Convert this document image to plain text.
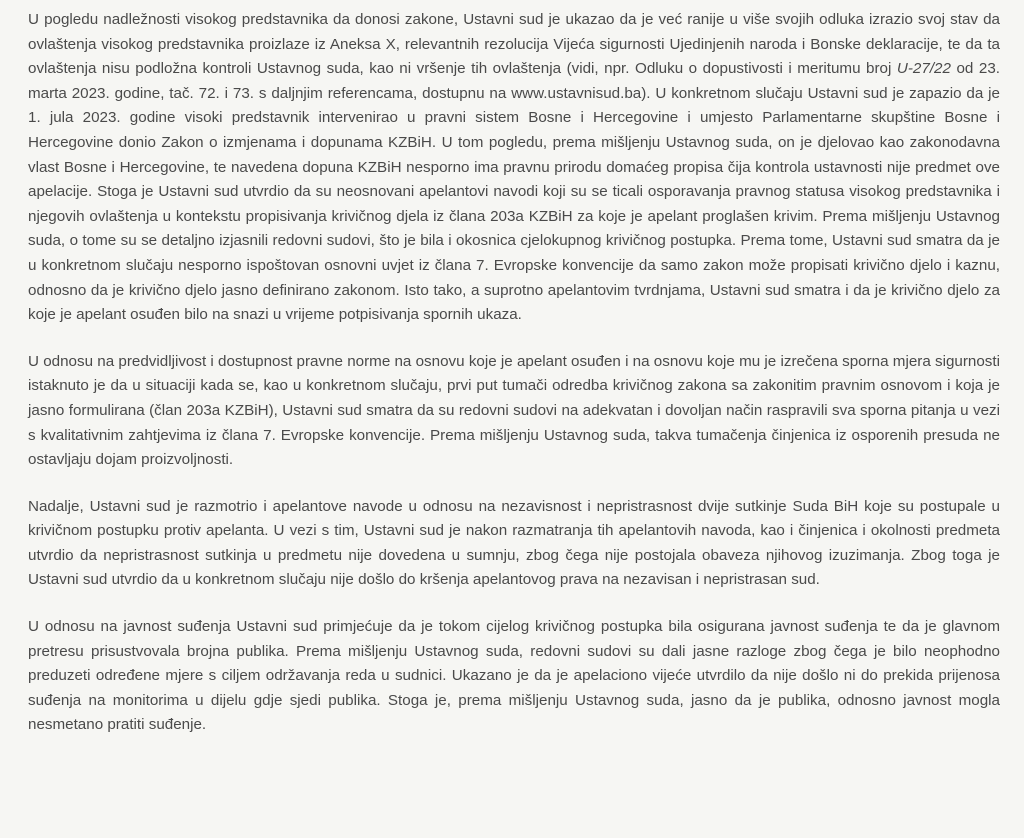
U pogledu nadležnosti visokog predstavnika da donosi zakone, Ustavni sud je ukazao da je već ranije u više svojih odluka izrazio svoj stav da ovlaštenja visokog predstavnika proizlaze iz Aneksa X, relevantnih rezolucija Vijeća sigurnosti Ujedinjenih naroda i Bonske deklaracije, te da ta ovlaštenja nisu podložna kontroli Ustavnog suda, kao ni vršenje tih ovlaštenja (vidi, npr. Odluku o dopustivosti i meritumu broj U-27/22 od 23. marta 2023. godine, tač. 72. i 73. s daljnjim referencama, dostupnu na www.ustavnisud.ba). U konkretnom slučaju Ustavni sud je zapazio da je 1. jula 2023. godine visoki predstavnik intervenirao u pravni sistem Bosne i Hercegovine i umjesto Parlamentarne skupštine Bosne i Hercegovine donio Zakon o izmjenama i dopunama KZBiH. U tom pogledu, prema mišljenju Ustavnog suda, on je djelovao kao zakonodavna vlast Bosne i Hercegovine, te navedena dopuna KZBiH nesporno ima pravnu prirodu domaćeg propisa čija kontrola ustavnosti nije predmet ove apelacije. Stoga je Ustavni sud utvrdio da su neosnovani apelantovi navodi koji su se ticali osporavanja pravnog statusa visokog predstavnika i njegovih ovlaštenja u kontekstu propisivanja krivičnog djela iz člana 203a KZBiH za koje je apelant proglašen krivim. Prema mišljenju Ustavnog suda, o tome su se detaljno izjasnili redovni sudovi, što je bila i okosnica cjelokupnog krivičnog postupka. Prema tome, Ustavni sud smatra da je u konkretnom slučaju nesporno ispoštovan osnovni uvjet iz člana 7. Evropske konvencije da samo zakon može propisati krivično djelo i kaznu, odnosno da je krivično djelo jasno definirano zakonom. Isto tako, a suprotno apelantovim tvrdnjama, Ustavni sud smatra i da je krivično djelo za koje je apelant osuđen bilo na snazi u vrijeme potpisivanja spornih ukaza.

U odnosu na predvidljivost i dostupnost pravne norme na osnovu koje je apelant osuđen i na osnovu koje mu je izrečena sporna mjera sigurnosti istaknuto je da u situaciji kada se, kao u konkretnom slučaju, prvi put tumači odredba krivičnog zakona sa zakonitim pravnim osnovom i koja je jasno formulirana (član 203a KZBiH), Ustavni sud smatra da su redovni sudovi na adekvatan i dovoljan način raspravili sva sporna pitanja u vezi s kvalitativnim zahtjevima iz člana 7. Evropske konvencije. Prema mišljenju Ustavnog suda, takva tumačenja činjenica iz osporenih presuda ne ostavljaju dojam proizvoljnosti.

Nadalje, Ustavni sud je razmotrio i apelantove navode u odnosu na nezavisnost i nepristrasnost dvije sutkinje Suda BiH koje su postupale u krivičnom postupku protiv apelanta. U vezi s tim, Ustavni sud je nakon razmatranja tih apelantovih navoda, kao i činjenica i okolnosti predmeta utvrdio da nepristrasnost sutkinja u predmetu nije dovedena u sumnju, zbog čega nije postojala obaveza njihovog izuzimanja. Zbog toga je Ustavni sud utvrdio da u konkretnom slučaju nije došlo do kršenja apelantovog prava na nezavisan i nepristrasan sud.

U odnosu na javnost suđenja Ustavni sud primjećuje da je tokom cijelog krivičnog postupka bila osigurana javnost suđenja te da je glavnom pretresu prisustvovala brojna publika. Prema mišljenju Ustavnog suda, redovni sudovi su dali jasne razloge zbog čega je bilo neophodno preduzeti određene mjere s ciljem održavanja reda u sudnici. Ukazano je da je apelaciono vijeće utvrdilo da nije došlo ni do prekida prijenosa suđenja na monitorima u dijelu gdje sjedi publika. Stoga je, prema mišljenju Ustavnog suda, jasno da je publika, odnosno javnost mogla nesmetano pratiti suđenje.
